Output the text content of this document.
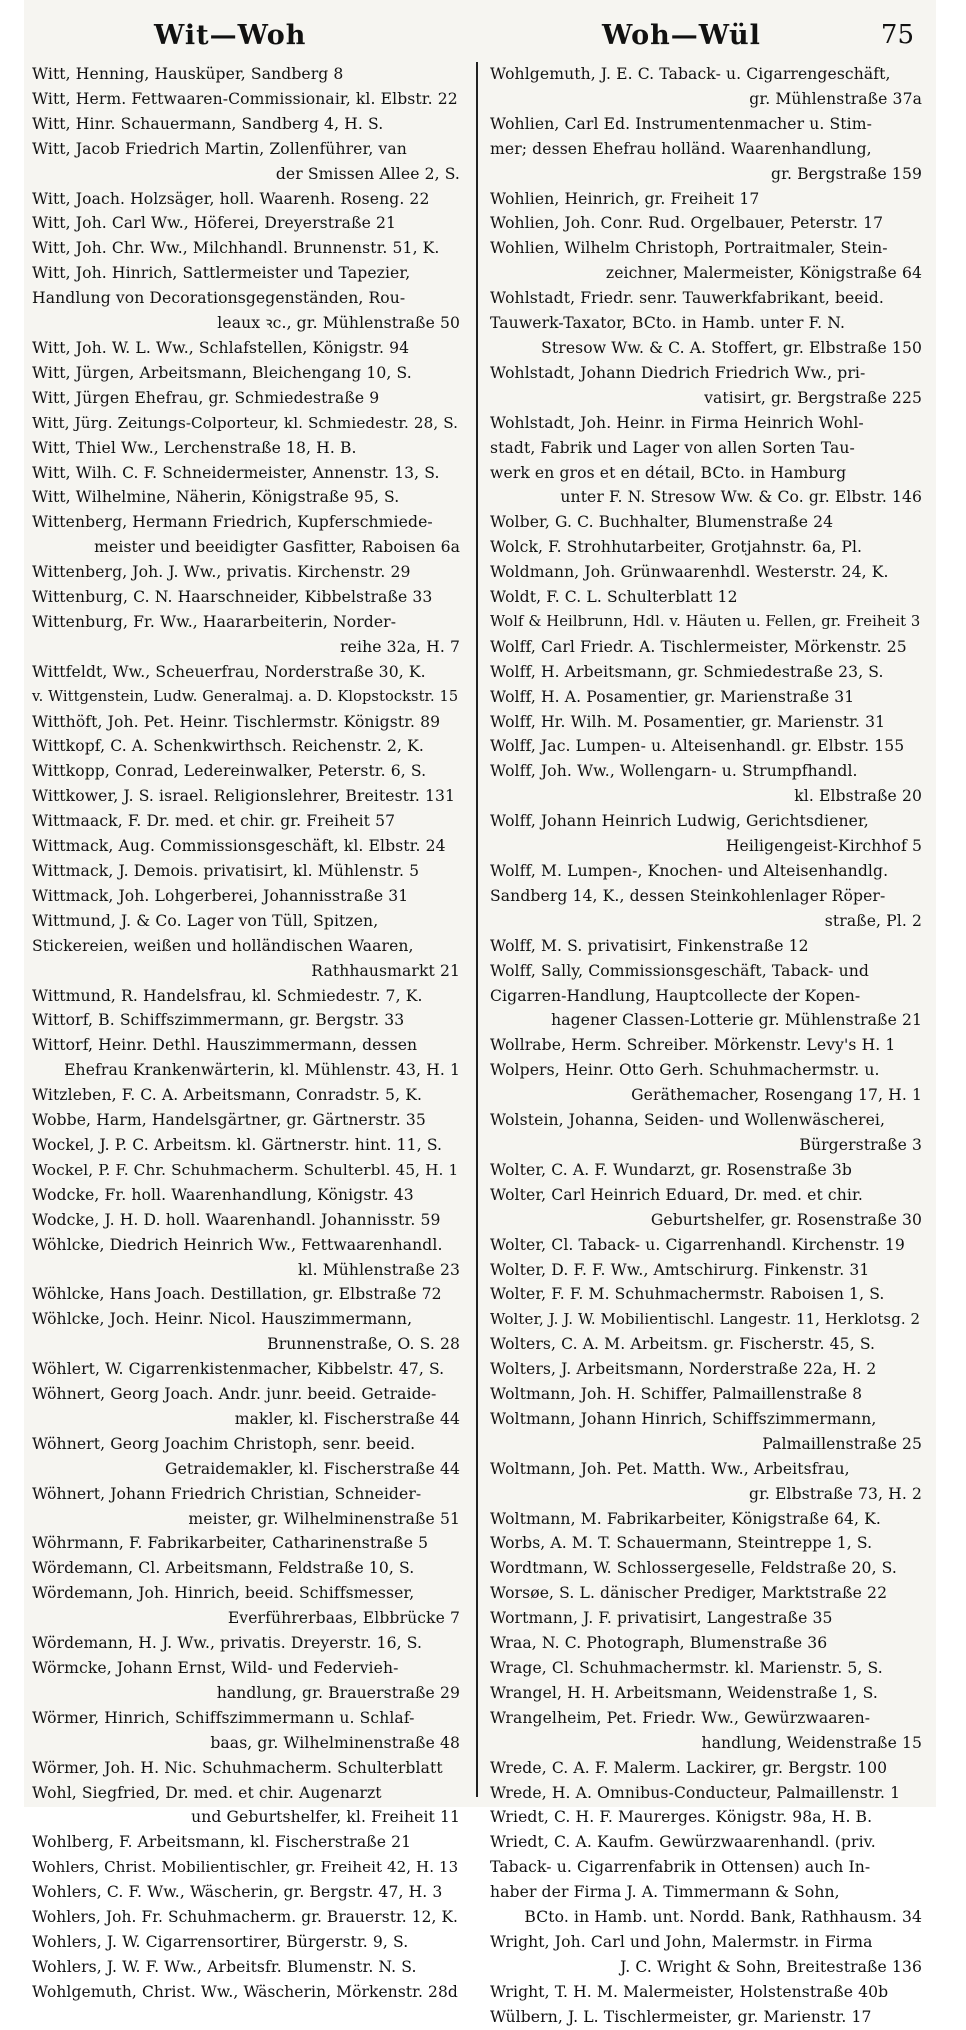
Wit—Woh	Woh—Wül	75
Witt, Henning, Hausküper, Sandberg 8
Witt, Herm. Fettwaaren-Commissionair, kl. Elbstr. 22
Witt, Hinr. Schauermann, Sandberg 4, H. S.
Witt, Jacob Friedrich Martin, Zollenführer, van
der Smissen Allee 2, S.
Witt, Joach. Holzsäger, holl. Waarenh. Roseng. 22
Witt, Joh. Carl Ww., Höferei, Dreyerstraße 21
Witt, Joh. Chr. Ww., Milchhandl. Brunnenstr. 51, K.
Witt, Joh. Hinrich, Sattlermeister und Tapezier,
Handlung von Decorationsgegenständen, Rou-
leaux ꝛc., gr. Mühlenstraße 50
Witt, Joh. W. L. Ww., Schlafstellen, Königstr. 94
Witt, Jürgen, Arbeitsmann, Bleichengang 10, S.
Witt, Jürgen Ehefrau, gr. Schmiedestraße 9
Witt, Jürg. Zeitungs-Colporteur, kl. Schmiedestr. 28, S.
Witt, Thiel Ww., Lerchenstraße 18, H. B.
Witt, Wilh. C. F. Schneidermeister, Annenstr. 13, S.
Witt, Wilhelmine, Näherin, Königstraße 95, S.
Wittenberg, Hermann Friedrich, Kupferschmiede-
meister und beeidigter Gasfitter, Raboisen 6a
Wittenberg, Joh. J. Ww., privatis. Kirchenstr. 29
Wittenburg, C. N. Haarschneider, Kibbelstraße 33
Wittenburg, Fr. Ww., Haararbeiterin, Norder-
reihe 32a, H. 7
Wittfeldt, Ww., Scheuerfrau, Norderstraße 30, K.
v. Wittgenstein, Ludw. Generalmaj. a. D. Klopstockstr. 15
Witthöft, Joh. Pet. Heinr. Tischlermstr. Königstr. 89
Wittkopf, C. A. Schenkwirthsch. Reichenstr. 2, K.
Wittkopp, Conrad, Ledereinwalker, Peterstr. 6, S.
Wittkower, J. S. israel. Religionslehrer, Breitestr. 131
Wittmaack, F. Dr. med. et chir. gr. Freiheit 57
Wittmack, Aug. Commissionsgeschäft, kl. Elbstr. 24
Wittmack, J. Demois. privatisirt, kl. Mühlenstr. 5
Wittmack, Joh. Lohgerberei, Johannisstraße 31
Wittmund, J. & Co. Lager von Tüll, Spitzen,
Stickereien, weißen und holländischen Waaren,
Rathhausmarkt 21
Wittmund, R. Handelsfrau, kl. Schmiedestr. 7, K.
Wittorf, B. Schiffszimmermann, gr. Bergstr. 33
Wittorf, Heinr. Dethl. Hauszimmermann, dessen
Ehefrau Krankenwärterin, kl. Mühlenstr. 43, H. 1
Witzleben, F. C. A. Arbeitsmann, Conradstr. 5, K.
Wobbe, Harm, Handelsgärtner, gr. Gärtnerstr. 35
Wockel, J. P. C. Arbeitsm. kl. Gärtnerstr. hint. 11, S.
Wockel, P. F. Chr. Schuhmacherm. Schulterbl. 45, H. 1
Wodcke, Fr. holl. Waarenhandlung, Königstr. 43
Wodcke, J. H. D. holl. Waarenhandl. Johannisstr. 59
Wöhlcke, Diedrich Heinrich Ww., Fettwaarenhandl.
kl. Mühlenstraße 23
Wöhlcke, Hans Joach. Destillation, gr. Elbstraße 72
Wöhlcke, Joch. Heinr. Nicol. Hauszimmermann,
Brunnenstraße, O. S. 28
Wöhlert, W. Cigarrenkistenmacher, Kibbelstr. 47, S.
Wöhnert, Georg Joach. Andr. junr. beeid. Getraide-
makler, kl. Fischerstraße 44
Wöhnert, Georg Joachim Christoph, senr. beeid.
Getraidemakler, kl. Fischerstraße 44
Wöhnert, Johann Friedrich Christian, Schneider-
meister, gr. Wilhelminenstraße 51
Wöhrmann, F. Fabrikarbeiter, Catharinenstraße 5
Wördemann, Cl. Arbeitsmann, Feldstraße 10, S.
Wördemann, Joh. Hinrich, beeid. Schiffsmesser,
Everführerbaas, Elbbrücke 7
Wördemann, H. J. Ww., privatis. Dreyerstr. 16, S.
Wörmcke, Johann Ernst, Wild- und Federvieh-
handlung, gr. Brauerstraße 29
Wörmer, Hinrich, Schiffszimmermann u. Schlaf-
baas, gr. Wilhelminenstraße 48
Wörmer, Joh. H. Nic. Schuhmacherm. Schulterblatt
Wohl, Siegfried, Dr. med. et chir. Augenarzt
und Geburtshelfer, kl. Freiheit 11
Wohlberg, F. Arbeitsmann, kl. Fischerstraße 21
Wohlers, Christ. Mobilientischler, gr. Freiheit 42, H. 13
Wohlers, C. F. Ww., Wäscherin, gr. Bergstr. 47, H. 3
Wohlers, Joh. Fr. Schuhmacherm. gr. Brauerstr. 12, K.
Wohlers, J. W. Cigarrensortirer, Bürgerstr. 9, S.
Wohlers, J. W. F. Ww., Arbeitsfr. Blumenstr. N. S.
Wohlgemuth, Christ. Ww., Wäscherin, Mörkenstr. 28d
Wohlgemuth, J. E. C. Taback- u. Cigarrengeschäft,
gr. Mühlenstraße 37a
Wohlien, Carl Ed. Instrumentenmacher u. Stim-
mer; dessen Ehefrau holländ. Waarenhandlung,
gr. Bergstraße 159
Wohlien, Heinrich, gr. Freiheit 17
Wohlien, Joh. Conr. Rud. Orgelbauer, Peterstr. 17
Wohlien, Wilhelm Christoph, Portraitmaler, Stein-
zeichner, Malermeister, Königstraße 64
Wohlstadt, Friedr. senr. Tauwerkfabrikant, beeid.
Tauwerk-Taxator, BCto. in Hamb. unter F. N.
Stresow Ww. & C. A. Stoffert, gr. Elbstraße 150
Wohlstadt, Johann Diedrich Friedrich Ww., pri-
vatisirt, gr. Bergstraße 225
Wohlstadt, Joh. Heinr. in Firma Heinrich Wohl-
stadt, Fabrik und Lager von allen Sorten Tau-
werk en gros et en détail, BCto. in Hamburg
unter F. N. Stresow Ww. & Co. gr. Elbstr. 146
Wolber, G. C. Buchhalter, Blumenstraße 24
Wolck, F. Strohhutarbeiter, Grotjahnstr. 6a, Pl.
Woldmann, Joh. Grünwaarenhdl. Westerstr. 24, K.
Woldt, F. C. L. Schulterblatt 12
Wolf & Heilbrunn, Hdl. v. Häuten u. Fellen, gr. Freiheit 3
Wolff, Carl Friedr. A. Tischlermeister, Mörkenstr. 25
Wolff, H. Arbeitsmann, gr. Schmiedestraße 23, S.
Wolff, H. A. Posamentier, gr. Marienstraße 31
Wolff, Hr. Wilh. M. Posamentier, gr. Marienstr. 31
Wolff, Jac. Lumpen- u. Alteisenhandl. gr. Elbstr. 155
Wolff, Joh. Ww., Wollengarn- u. Strumpfhandl.
kl. Elbstraße 20
Wolff, Johann Heinrich Ludwig, Gerichtsdiener,
Heiligengeist-Kirchhof 5
Wolff, M. Lumpen-, Knochen- und Alteisenhandlg.
Sandberg 14, K., dessen Steinkohlenlager Röper-
straße, Pl. 2
Wolff, M. S. privatisirt, Finkenstraße 12
Wolff, Sally, Commissionsgeschäft, Taback- und
Cigarren-Handlung, Hauptcollecte der Kopen-
hagener Classen-Lotterie gr. Mühlenstraße 21
Wollrabe, Herm. Schreiber. Mörkenstr. Levy's H. 1
Wolpers, Heinr. Otto Gerh. Schuhmachermstr. u.
Geräthemacher, Rosengang 17, H. 1
Wolstein, Johanna, Seiden- und Wollenwäscherei,
Bürgerstraße 3
Wolter, C. A. F. Wundarzt, gr. Rosenstraße 3b
Wolter, Carl Heinrich Eduard, Dr. med. et chir.
Geburtshelfer, gr. Rosenstraße 30
Wolter, Cl. Taback- u. Cigarrenhandl. Kirchenstr. 19
Wolter, D. F. F. Ww., Amtschirurg. Finkenstr. 31
Wolter, F. F. M. Schuhmachermstr. Raboisen 1, S.
Wolter, J. J. W. Mobilientischl. Langestr. 11, Herklotsg. 2
Wolters, C. A. M. Arbeitsm. gr. Fischerstr. 45, S.
Wolters, J. Arbeitsmann, Norderstraße 22a, H. 2
Woltmann, Joh. H. Schiffer, Palmaillenstraße 8
Woltmann, Johann Hinrich, Schiffszimmermann,
Palmaillenstraße 25
Woltmann, Joh. Pet. Matth. Ww., Arbeitsfrau,
gr. Elbstraße 73, H. 2
Woltmann, M. Fabrikarbeiter, Königstraße 64, K.
Worbs, A. M. T. Schauermann, Steintreppe 1, S.
Wordtmann, W. Schlossergeselle, Feldstraße 20, S.
Worsøe, S. L. dänischer Prediger, Marktstraße 22
Wortmann, J. F. privatisirt, Langestraße 35
Wraa, N. C. Photograph, Blumenstraße 36
Wrage, Cl. Schuhmachermstr. kl. Marienstr. 5, S.
Wrangel, H. H. Arbeitsmann, Weidenstraße 1, S.
Wrangelheim, Pet. Friedr. Ww., Gewürzwaaren-
handlung, Weidenstraße 15
Wrede, C. A. F. Malerm. Lackirer, gr. Bergstr. 100
Wrede, H. A. Omnibus-Conducteur, Palmaillenstr. 1
Wriedt, C. H. F. Maurerges. Königstr. 98a, H. B.
Wriedt, C. A. Kaufm. Gewürzwaarenhandl. (priv.
Taback- u. Cigarrenfabrik in Ottensen) auch In-
haber der Firma J. A. Timmermann & Sohn,
BCto. in Hamb. unt. Nordd. Bank, Rathhausm. 34
Wright, Joh. Carl und John, Malermstr. in Firma
J. C. Wright & Sohn, Breitestraße 136
Wright, T. H. M. Malermeister, Holstenstraße 40b
Wülbern, J. L. Tischlermeister, gr. Marienstr. 17
